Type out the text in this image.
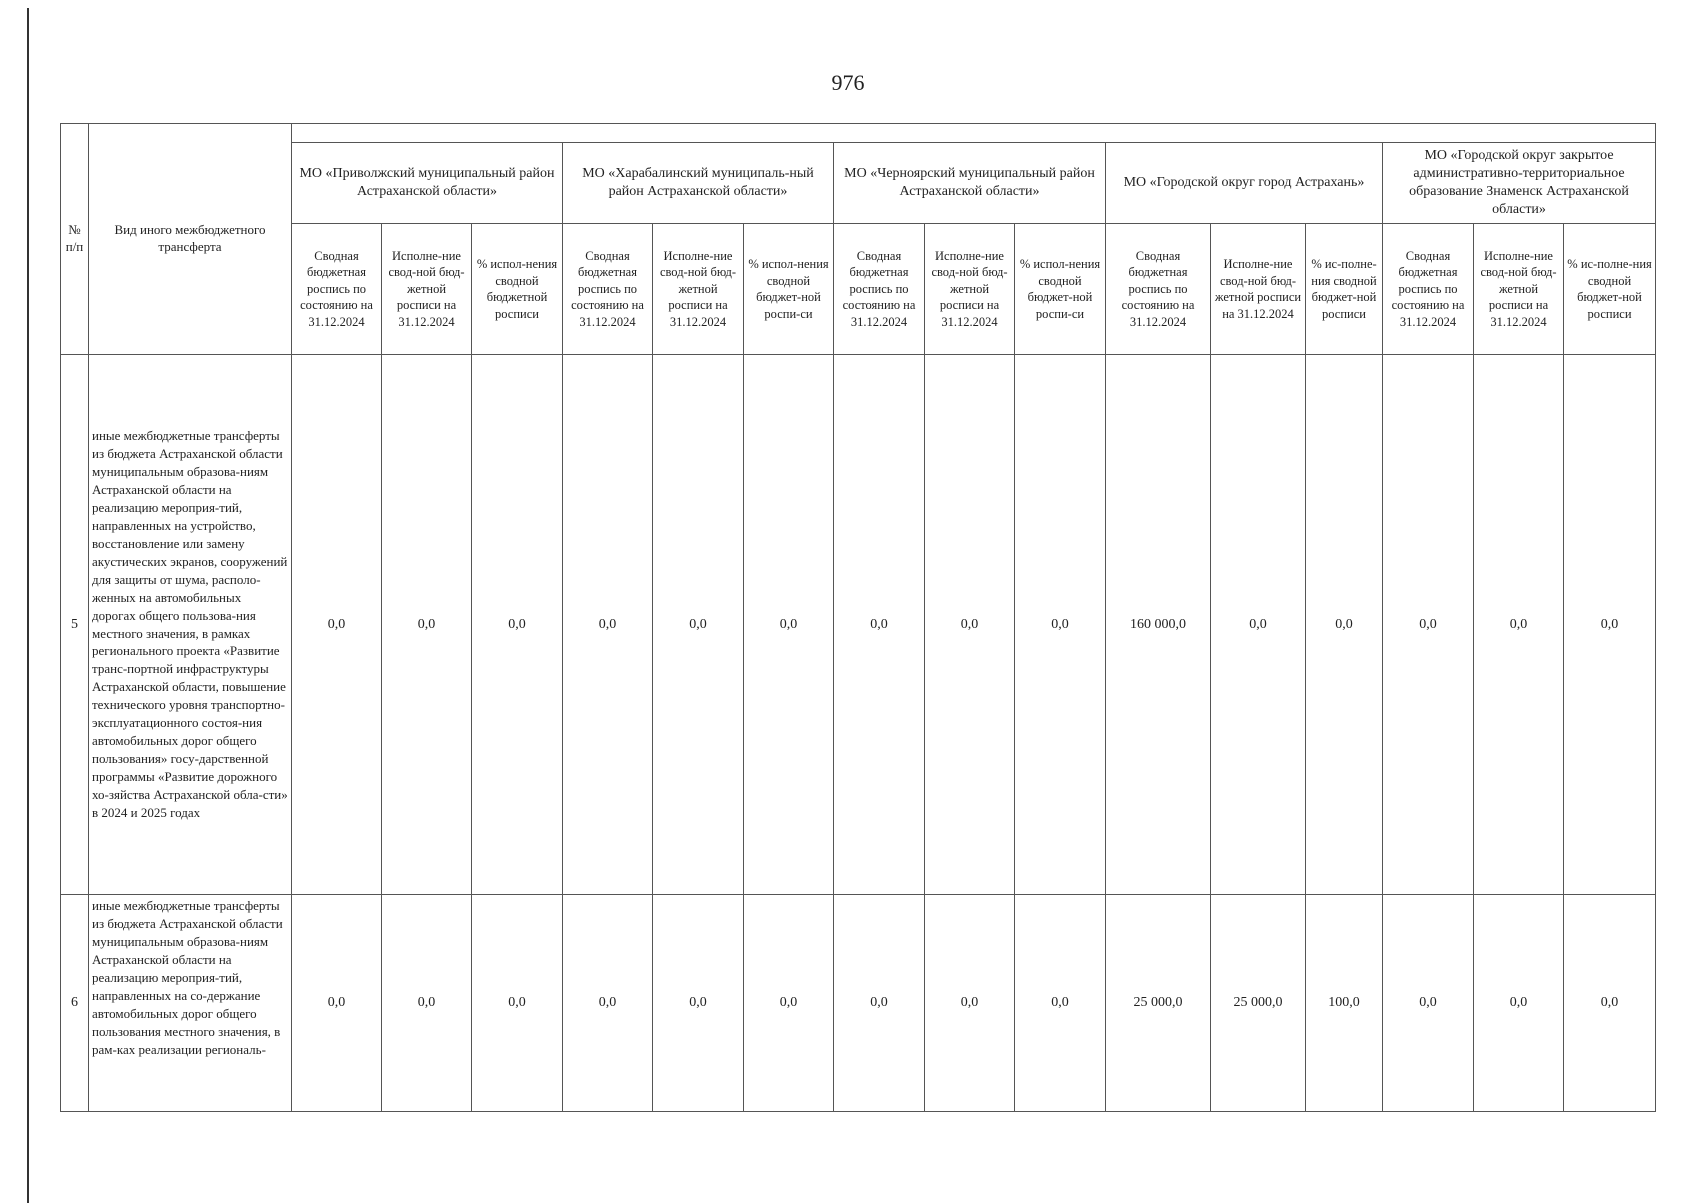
976
№ п/п	Вид иного межбюджетного трансферта															
		МО «Приволжский муниципальный район Астраханской области»			МО «Харабалинский муниципаль-ный район Астраханской области»			МО «Черноярский муниципальный район Астраханской области»			МО «Городской округ город Астрахань»			МО «Городской округ закрытое административно-территориальное образование Знаменск Астраханской области»		
		Сводная бюджетная роспись по состоянию на 31.12.2024	Исполне-ние свод-ной бюд-жетной росписи на 31.12.2024	% испол-нения сводной бюджетной росписи	Сводная бюджетная роспись по состоянию на 31.12.2024	Исполне-ние свод-ной бюд-жетной росписи на 31.12.2024	% испол-нения сводной бюджет-ной роспи-си	Сводная бюджетная роспись по состоянию на 31.12.2024	Исполне-ние свод-ной бюд-жетной росписи на 31.12.2024	% испол-нения сводной бюджет-ной роспи-си	Сводная бюджетная роспись по состоянию на 31.12.2024	Исполне-ние свод-ной бюд-жетной росписи на 31.12.2024	% ис-полне-ния сводной бюджет-ной росписи	Сводная бюджетная роспись по состоянию на 31.12.2024	Исполне-ние свод-ной бюд-жетной росписи на 31.12.2024	% ис-полне-ния сводной бюджет-ной росписи
5	иные межбюджетные трансферты из бюджета Астраханской области муниципальным образова-ниям Астраханской области на реализацию мероприя-тий, направленных на устройство, восстановление или замену акустических экранов, сооружений для защиты от шума, располо-женных на автомобильных дорогах общего пользова-ния местного значения, в рамках регионального проекта «Развитие транс-портной инфраструктуры Астраханской области, повышение технического уровня транспортно-эксплуатационного состоя-ния автомобильных дорог общего пользования» госу-дарственной программы «Развитие дорожного хо-зяйства Астраханской обла-сти» в 2024 и 2025 годах	0,0	0,0	0,0	0,0	0,0	0,0	0,0	0,0	0,0	160 000,0	0,0	0,0	0,0	0,0	0,0
6	иные межбюджетные трансферты из бюджета Астраханской области муниципальным образова-ниям Астраханской области на реализацию мероприя-тий, направленных на со-держание автомобильных дорог общего пользования местного значения, в рам-ках реализации региональ-	0,0	0,0	0,0	0,0	0,0	0,0	0,0	0,0	0,0	25 000,0	25 000,0	100,0	0,0	0,0	0,0
